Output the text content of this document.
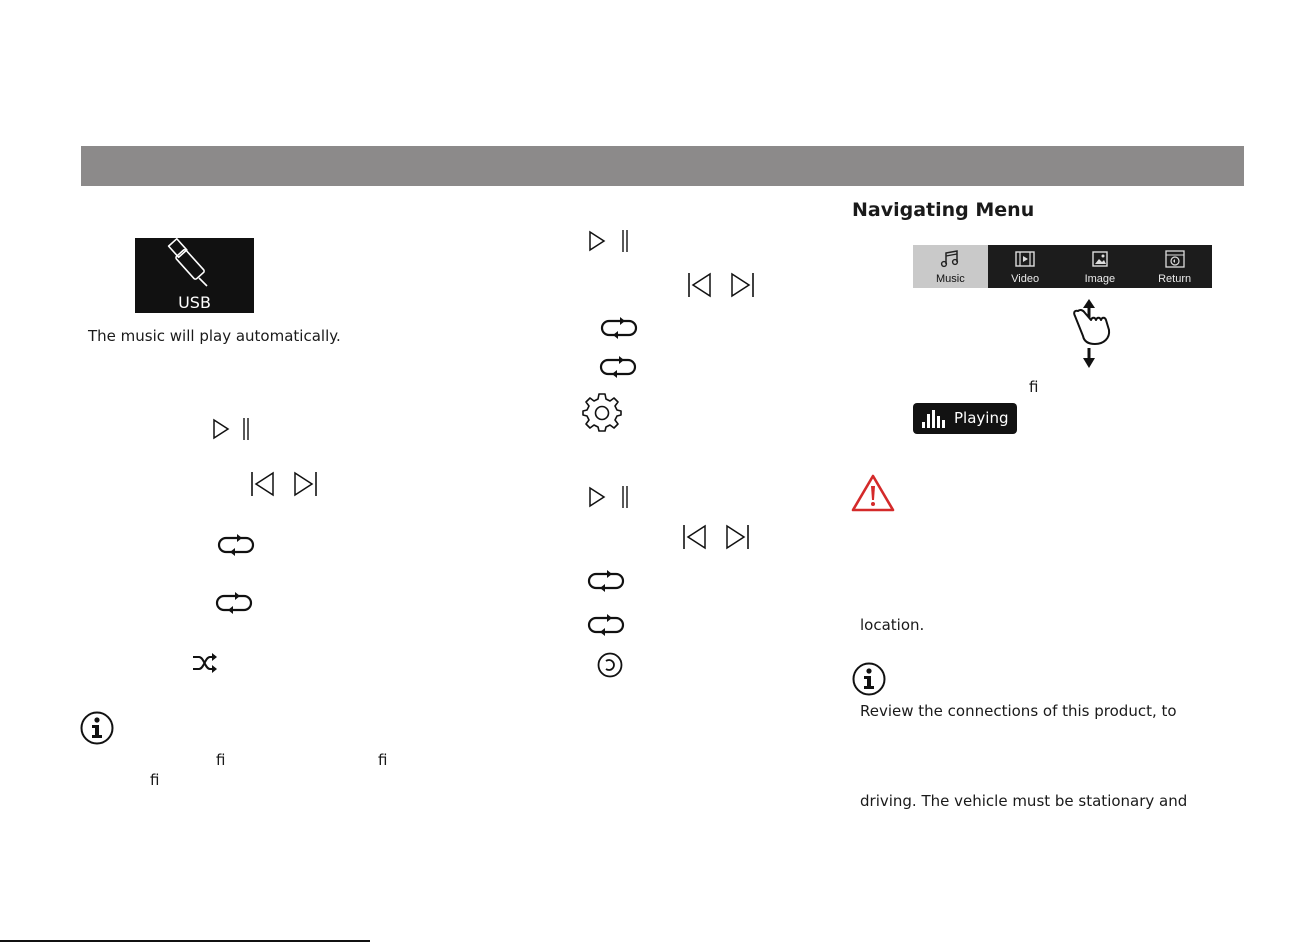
USB
The music will play automatically.
ﬁ	ﬁ
ﬁ
Navigating Menu
Music	Video	Image	Return
ﬁ
Playing
location.
Review the connections of this product, to
driving. The vehicle must be stationary and
